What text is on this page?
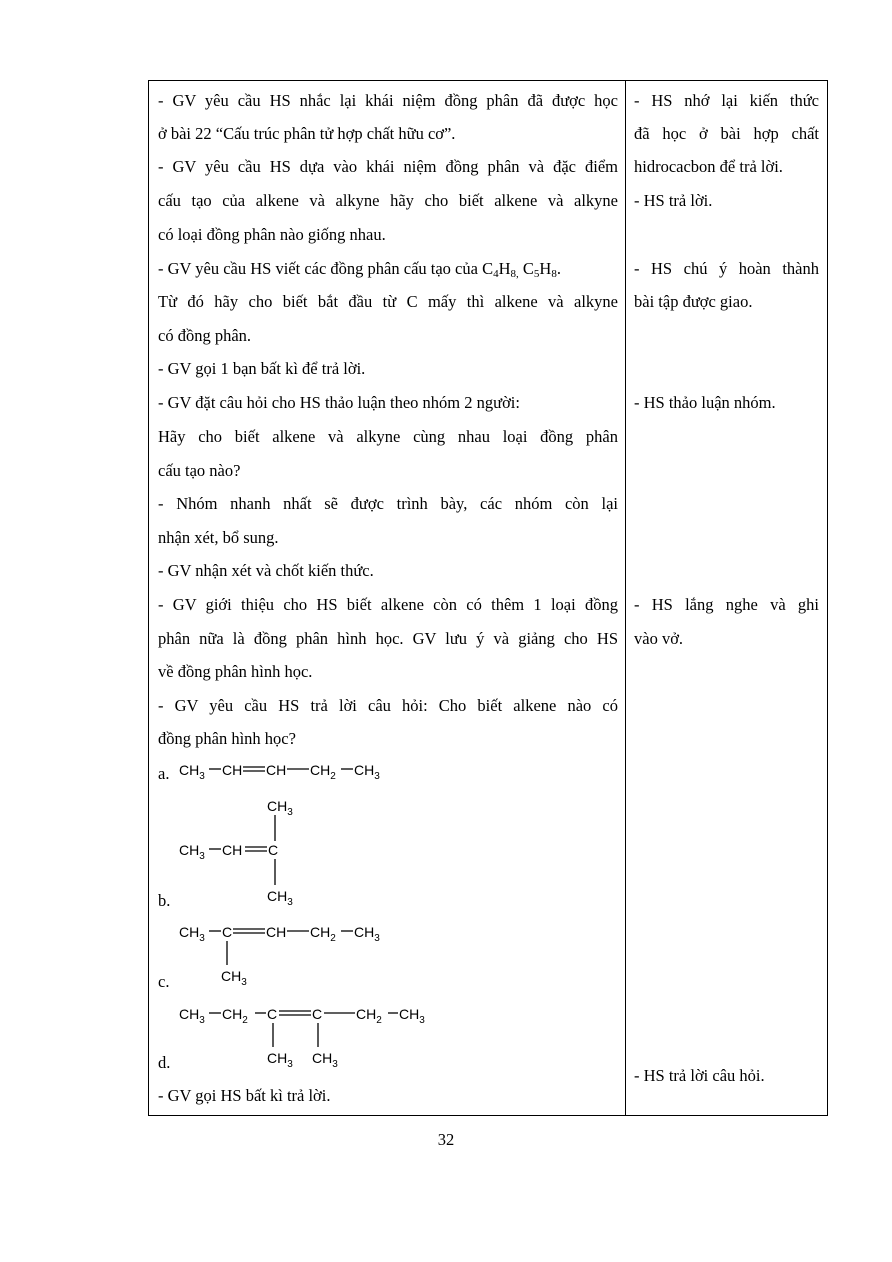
- GV yêu cầu HS nhắc lại khái niệm đồng phân đã được học
ở bài 22 “Cấu trúc phân tử hợp chất hữu cơ”.
- GV yêu cầu HS dựa vào khái niệm đồng phân và đặc điểm
cấu tạo của alkene và alkyne hãy cho biết alkene và alkyne
có loại đồng phân nào giống nhau.
- GV yêu cầu HS viết các đồng phân cấu tạo của $C_4H_{8,}$ $C_5H_8$.
Từ đó hãy cho biết bắt đầu từ C mấy thì alkene và alkyne
có đồng phân.
- GV gọi 1 bạn bất kì để trả lời.
- GV đặt câu hỏi cho HS thảo luận theo nhóm 2 người:
Hãy cho biết alkene và alkyne cùng nhau loại đồng phân
cấu tạo nào?
- Nhóm nhanh nhất sẽ được trình bày, các nhóm còn lại
nhận xét, bổ sung.
- GV nhận xét và chốt kiến thức.
- GV giới thiệu cho HS biết alkene còn có thêm 1 loại đồng
phân nữa là đồng phân hình học. GV lưu ý và giảng cho HS
về đồng phân hình học.
- GV yêu cầu HS trả lời câu hỏi: Cho biết alkene nào có
đồng phân hình học?
a.
b.
c.
d.
$CH_3$ CH CH $CH_2$ $CH_3$
$CH_3$
$CH_3$ CH C
$CH_3$
$CH_3$ C CH $CH_2$ $CH_3$
$CH_3$
$CH_3$ $CH_2$ C C $CH_2$ $CH_3$
$CH_3$ $CH_3$
- GV gọi HS bất kì trả lời.
- HS nhớ lại kiến thức
đã học ở bài hợp chất
hidrocacbon để trả lời.
- HS trả lời.
- HS chú ý hoàn thành
bài tập được giao.
- HS thảo luận nhóm.
- HS lắng nghe và ghi
vào vở.
- HS trả lời câu hỏi.
32
